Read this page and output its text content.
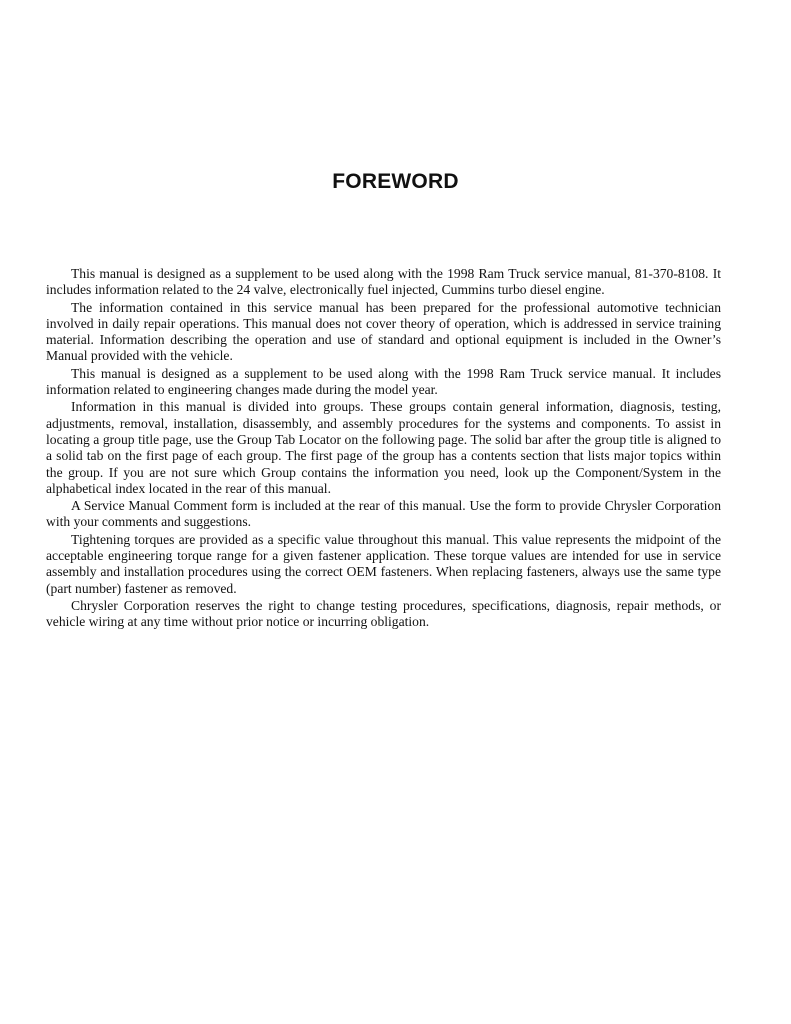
FOREWORD

This manual is designed as a supplement to be used along with the 1998 Ram Truck service manual, 81-370-8108. It includes information related to the 24 valve, electronically fuel injected, Cummins turbo diesel engine.

The information contained in this service manual has been prepared for the professional automotive technician involved in daily repair operations. This manual does not cover theory of operation, which is addressed in service training material. Information describing the operation and use of standard and optional equipment is included in the Owner’s Manual provided with the vehicle.

This manual is designed as a supplement to be used along with the 1998 Ram Truck service manual. It includes information related to engineering changes made during the model year.

Information in this manual is divided into groups. These groups contain general information, diagnosis, testing, adjustments, removal, installation, disassembly, and assembly procedures for the systems and components. To assist in locating a group title page, use the Group Tab Locator on the following page. The solid bar after the group title is aligned to a solid tab on the first page of each group. The first page of the group has a contents section that lists major topics within the group. If you are not sure which Group contains the information you need, look up the Component/System in the alphabetical index located in the rear of this manual.

A Service Manual Comment form is included at the rear of this manual. Use the form to provide Chrysler Corporation with your comments and suggestions.

Tightening torques are provided as a specific value throughout this manual. This value represents the midpoint of the acceptable engineering torque range for a given fastener application. These torque values are intended for use in service assembly and installation procedures using the correct OEM fasteners. When replacing fasteners, always use the same type (part number) fastener as removed.

Chrysler Corporation reserves the right to change testing procedures, specifications, diagnosis, repair methods, or vehicle wiring at any time without prior notice or incurring obligation.
